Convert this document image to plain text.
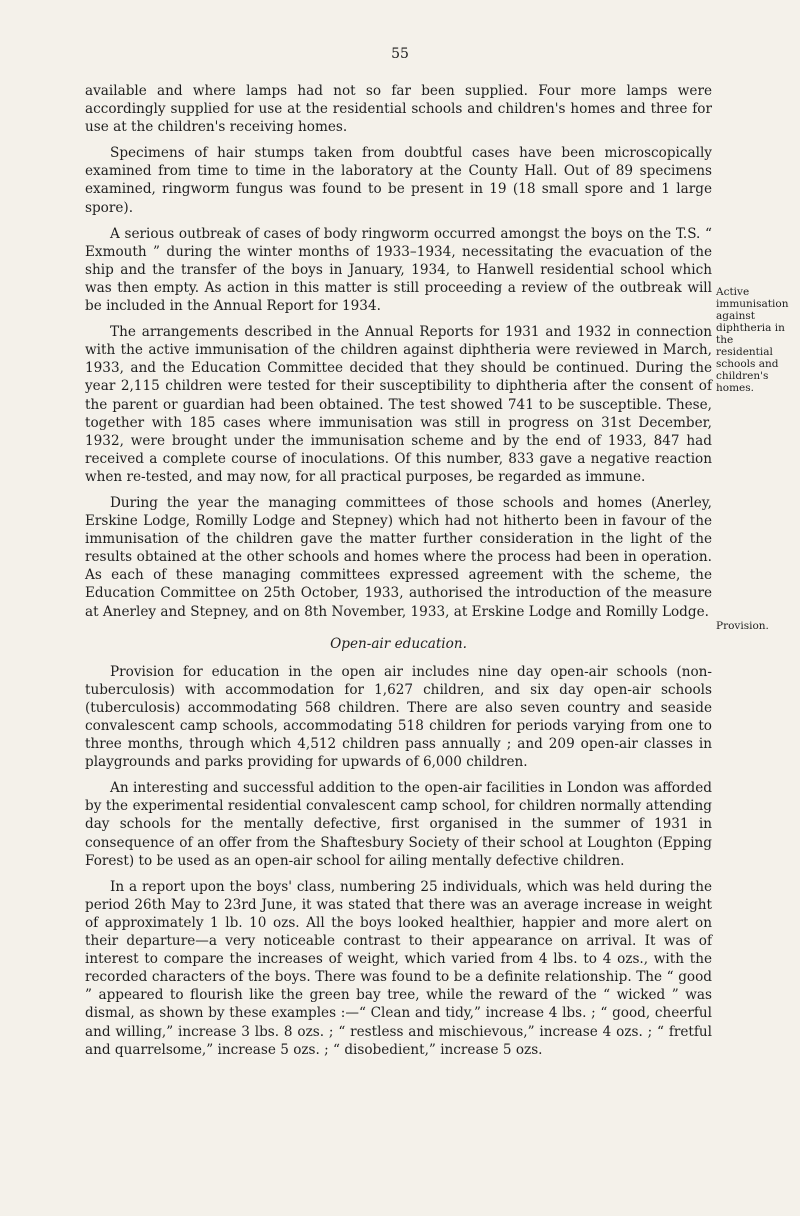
55

available and where lamps had not so far been supplied. Four more lamps were accordingly supplied for use at the residential schools and children's homes and three for use at the children's receiving homes.

Specimens of hair stumps taken from doubtful cases have been microscopically examined from time to time in the laboratory at the County Hall. Out of 89 specimens examined, ringworm fungus was found to be present in 19 (18 small spore and 1 large spore).

A serious outbreak of cases of body ringworm occurred amongst the boys on the T.S. “ Exmouth ” during the winter months of 1933–1934, necessitating the evacuation of the ship and the transfer of the boys in January, 1934, to Hanwell residential school which was then empty. As action in this matter is still proceeding a review of the outbreak will be included in the Annual Report for 1934.

The arrangements described in the Annual Reports for 1931 and 1932 in connection with the active immunisation of the children against diphtheria were reviewed in March, 1933, and the Education Committee decided that they should be continued. During the year 2,115 children were tested for their susceptibility to diphtheria after the consent of the parent or guardian had been obtained. The test showed 741 to be susceptible. These, together with 185 cases where immunisation was still in progress on 31st December, 1932, were brought under the immunisation scheme and by the end of 1933, 847 had received a complete course of inoculations. Of this number, 833 gave a negative reaction when re-tested, and may now, for all practical purposes, be regarded as immune.

During the year the managing committees of those schools and homes (Anerley, Erskine Lodge, Romilly Lodge and Stepney) which had not hitherto been in favour of the immunisation of the children gave the matter further consideration in the light of the results obtained at the other schools and homes where the process had been in operation. As each of these managing committees expressed agreement with the scheme, the Education Committee on 25th October, 1933, authorised the introduction of the measure at Anerley and Stepney, and on 8th November, 1933, at Erskine Lodge and Romilly Lodge.

Open-air education.

Provision for education in the open air includes nine day open-air schools (non-tuberculosis) with accommodation for 1,627 children, and six day open-air schools (tuberculosis) accommodating 568 children. There are also seven country and seaside convalescent camp schools, accommodating 518 children for periods varying from one to three months, through which 4,512 children pass annually ; and 209 open-air classes in playgrounds and parks providing for upwards of 6,000 children.

An interesting and successful addition to the open-air facilities in London was afforded by the experimental residential convalescent camp school, for children normally attending day schools for the mentally defective, first organised in the summer of 1931 in consequence of an offer from the Shaftesbury Society of their school at Loughton (Epping Forest) to be used as an open-air school for ailing mentally defective children.

In a report upon the boys' class, numbering 25 individuals, which was held during the period 26th May to 23rd June, it was stated that there was an average increase in weight of approximately 1 lb. 10 ozs. All the boys looked healthier, happier and more alert on their departure—a very noticeable contrast to their appearance on arrival. It was of interest to compare the increases of weight, which varied from 4 lbs. to 4 ozs., with the recorded characters of the boys. There was found to be a definite relationship. The “ good ” appeared to flourish like the green bay tree, while the reward of the “ wicked ” was dismal, as shown by these examples :—“ Clean and tidy,” increase 4 lbs. ; “ good, cheerful and willing,” increase 3 lbs. 8 ozs. ; “ restless and mischievous,” increase 4 ozs. ; “ fretful and quarrelsome,” increase 5 ozs. ; “ disobedient,” increase 5 ozs.

Active
immunisation
against
diphtheria in
the
residential
schools and
children's
homes.
Provision.
